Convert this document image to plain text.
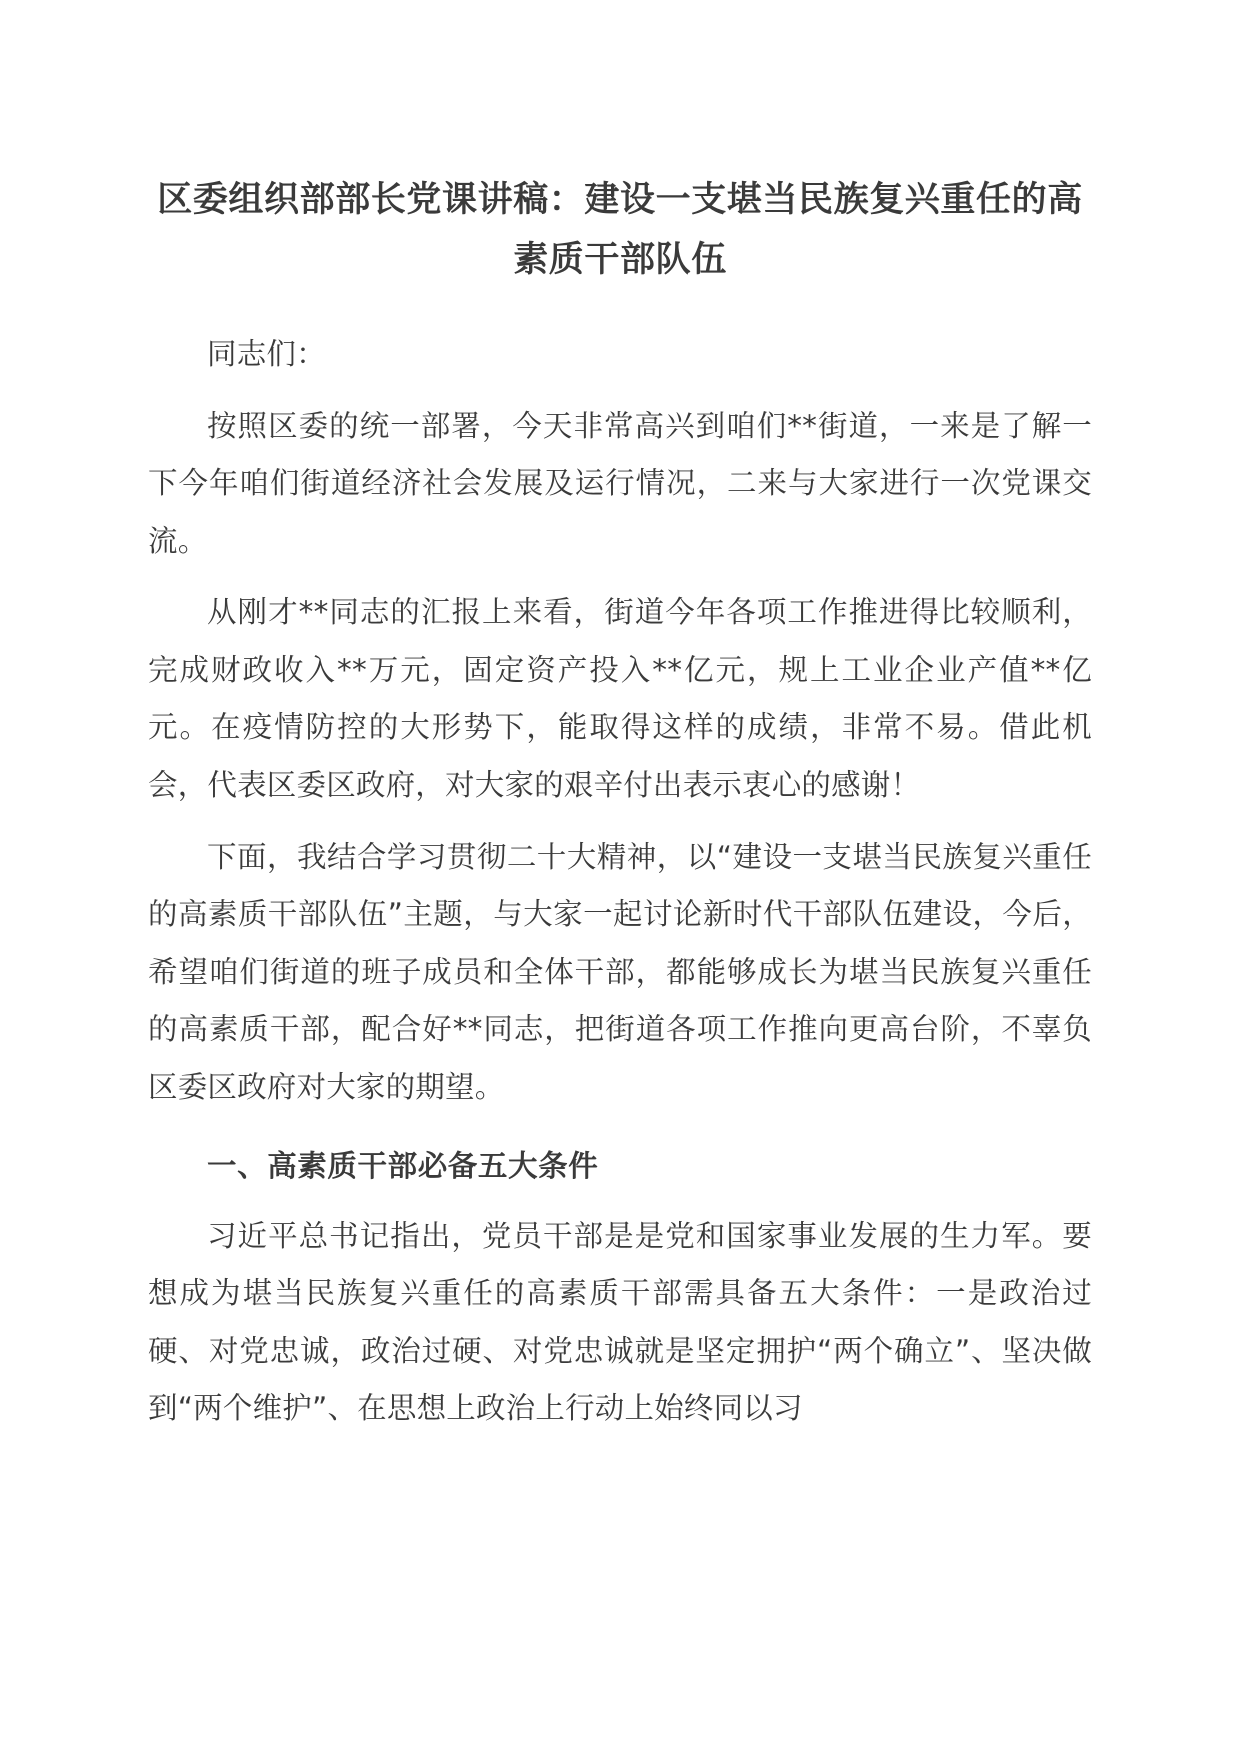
区委组织部部长党课讲稿：建设一支堪当民族复兴重任的高素质干部队伍

同志们：

按照区委的统一部署，今天非常高兴到咱们**街道，一来是了解一下今年咱们街道经济社会发展及运行情况，二来与大家进行一次党课交流。

从刚才**同志的汇报上来看，街道今年各项工作推进得比较顺利，完成财政收入**万元，固定资产投入**亿元，规上工业企业产值**亿元。在疫情防控的大形势下，能取得这样的成绩，非常不易。借此机会，代表区委区政府，对大家的艰辛付出表示衷心的感谢！

下面，我结合学习贯彻二十大精神，以“建设一支堪当民族复兴重任的高素质干部队伍”主题，与大家一起讨论新时代干部队伍建设，今后，希望咱们街道的班子成员和全体干部，都能够成长为堪当民族复兴重任的高素质干部，配合好**同志，把街道各项工作推向更高台阶，不辜负区委区政府对大家的期望。

一、高素质干部必备五大条件

习近平总书记指出，党员干部是是党和国家事业发展的生力军。要想成为堪当民族复兴重任的高素质干部需具备五大条件：一是政治过硬、对党忠诚，政治过硬、对党忠诚就是坚定拥护“两个确立”、坚决做到“两个维护”、在思想上政治上行动上始终同以习
